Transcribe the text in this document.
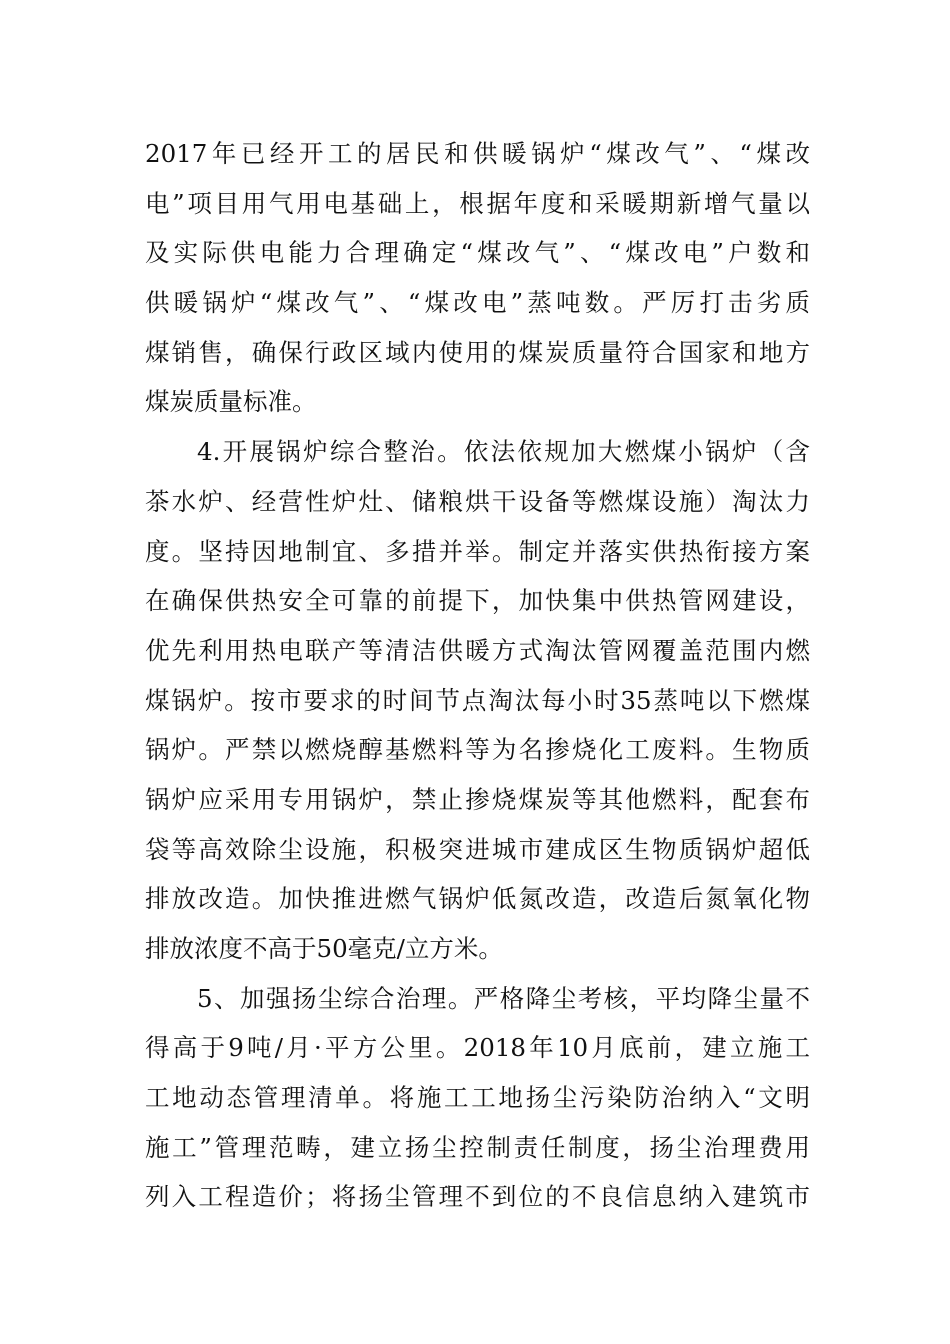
2017年已经开工的居民和供暖锅炉“煤改气”、“煤改
电”项目用气用电基础上，根据年度和采暖期新增气量以
及实际供电能力合理确定“煤改气”、“煤改电”户数和
供暖锅炉“煤改气”、“煤改电”蒸吨数。严厉打击劣质
煤销售，确保行政区域内使用的煤炭质量符合国家和地方
煤炭质量标准。
4.开展锅炉综合整治。依法依规加大燃煤小锅炉（含
茶水炉、经营性炉灶、储粮烘干设备等燃煤设施）淘汰力
度。坚持因地制宜、多措并举。制定并落实供热衔接方案
在确保供热安全可靠的前提下，加快集中供热管网建设，
优先利用热电联产等清洁供暖方式淘汰管网覆盖范围内燃
煤锅炉。按市要求的时间节点淘汰每小时35蒸吨以下燃煤
锅炉。严禁以燃烧醇基燃料等为名掺烧化工废料。生物质
锅炉应采用专用锅炉，禁止掺烧煤炭等其他燃料，配套布
袋等高效除尘设施，积极突进城市建成区生物质锅炉超低
排放改造。加快推进燃气锅炉低氮改造，改造后氮氧化物
排放浓度不高于50毫克/立方米。
5、加强扬尘综合治理。严格降尘考核，平均降尘量不
得高于9吨/月·平方公里。2018年10月底前，建立施工
工地动态管理清单。将施工工地扬尘污染防治纳入“文明
施工”管理范畴，建立扬尘控制责任制度，扬尘治理费用
列入工程造价；将扬尘管理不到位的不良信息纳入建筑市
